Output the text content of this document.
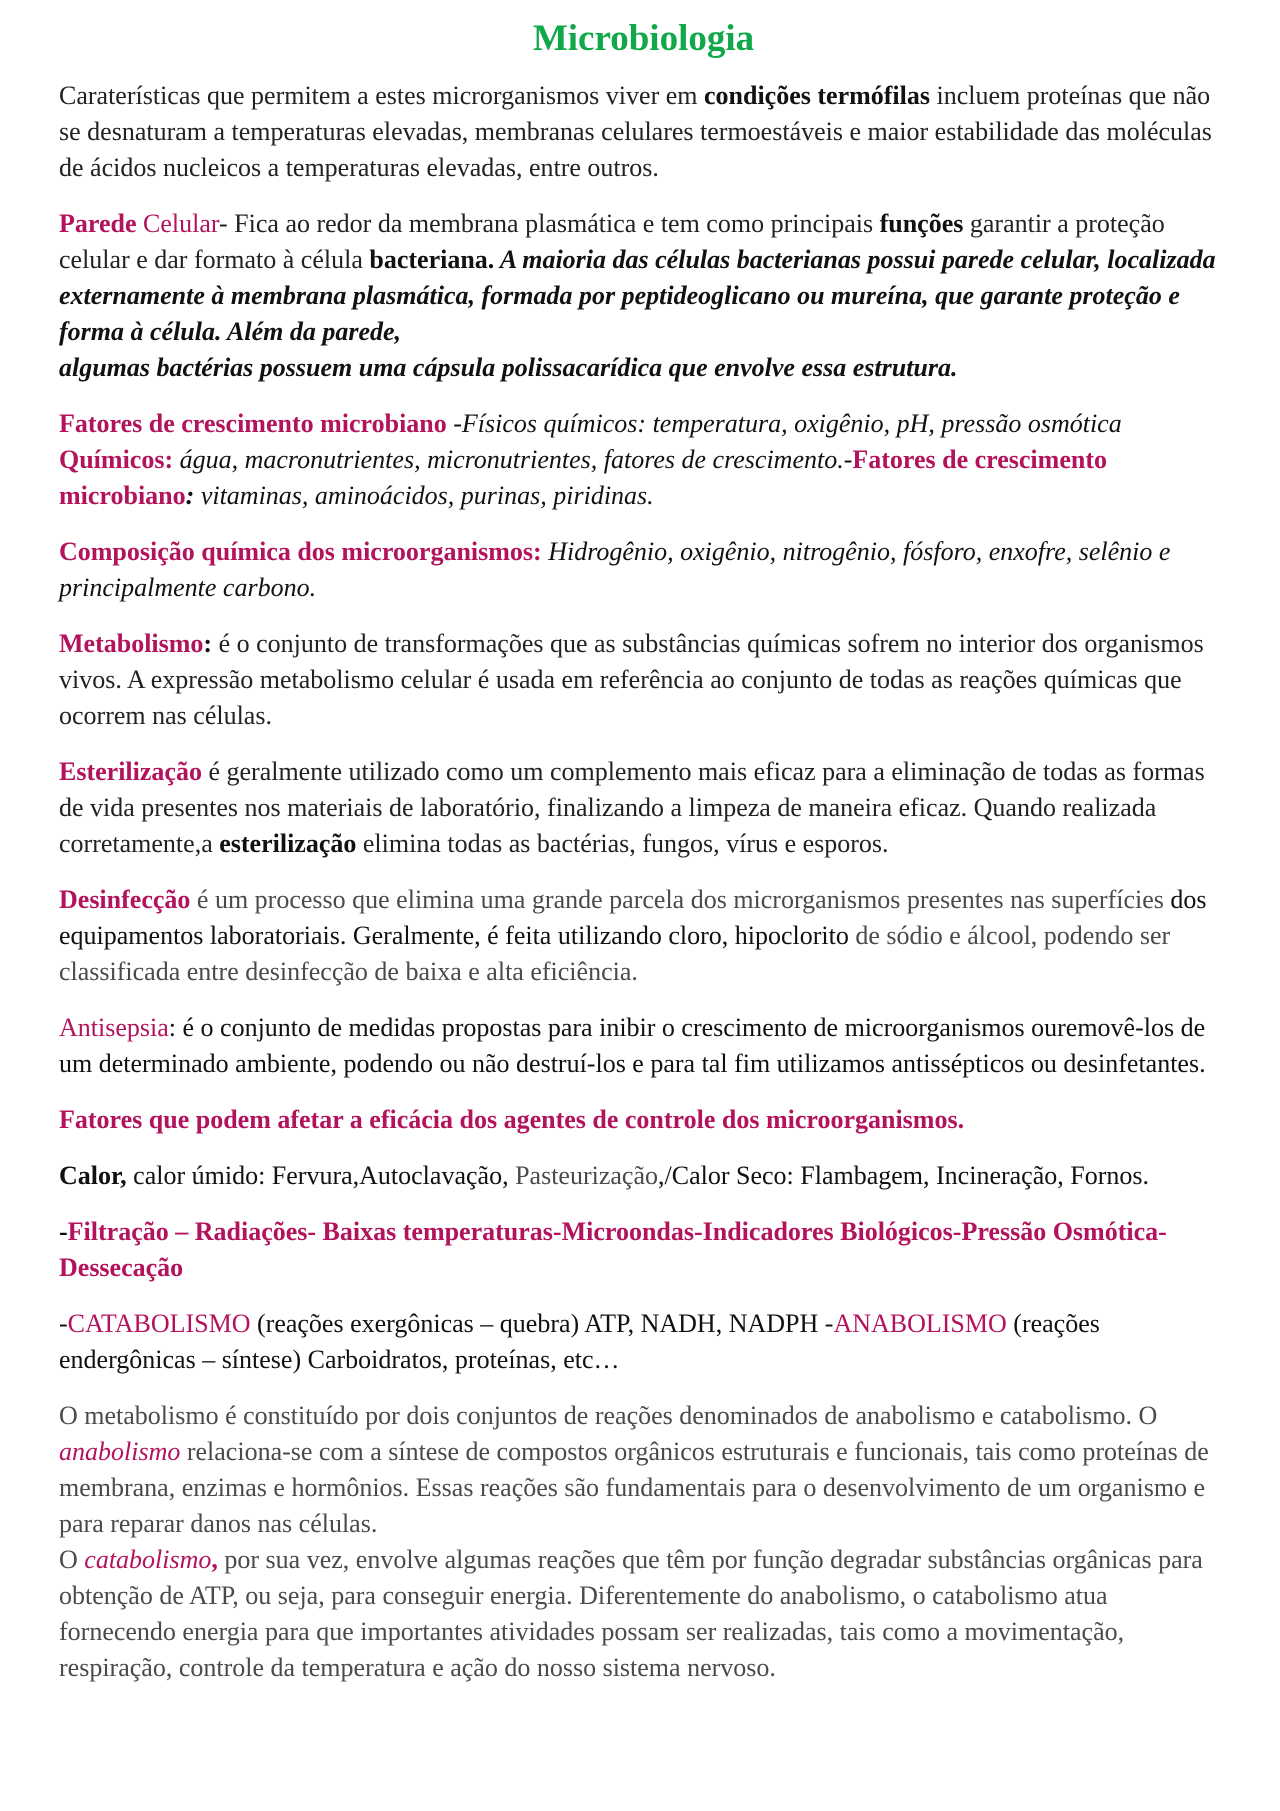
Microbiologia

Caraterísticas que permitem a estes microrganismos viver em condições termófilas incluem proteínas que não se desnaturam a temperaturas elevadas, membranas celulares termoestáveis e maior estabilidade das moléculas de ácidos nucleicos a temperaturas elevadas, entre outros.

Parede Celular- Fica ao redor da membrana plasmática e tem como principais funções garantir a proteção celular e dar formato à célula bacteriana. A maioria das células bacterianas possui parede celular, localizada externamente à membrana plasmática, formada por peptideoglicano ou mureína, que garante proteção e forma à célula. Além da parede,
algumas bactérias possuem uma cápsula polissacarídica que envolve essa estrutura.

Fatores de crescimento microbiano -Físicos químicos: temperatura, oxigênio, pH, pressão osmótica Químicos: água, macronutrientes, micronutrientes, fatores de crescimento.-Fatores de crescimento microbiano: vitaminas, aminoácidos, purinas, piridinas.

Composição química dos microorganismos: Hidrogênio, oxigênio, nitrogênio, fósforo, enxofre, selênio e principalmente carbono.

Metabolismo: é o conjunto de transformações que as substâncias químicas sofrem no interior dos organismos vivos. A expressão metabolismo celular é usada em referência ao conjunto de todas as reações químicas que ocorrem nas células.

Esterilização é geralmente utilizado como um complemento mais eficaz para a eliminação de todas as formas de vida presentes nos materiais de laboratório, finalizando a limpeza de maneira eficaz. Quando realizada corretamente,a esterilização elimina todas as bactérias, fungos, vírus e esporos.

Desinfecção é um processo que elimina uma grande parcela dos microrganismos presentes nas superfícies dos equipamentos laboratoriais. Geralmente, é feita utilizando cloro, hipoclorito de sódio e álcool, podendo ser classificada entre desinfecção de baixa e alta eficiência.

Antisepsia: é o conjunto de medidas propostas para inibir o crescimento de microorganismos ouremovê-los de um determinado ambiente, podendo ou não destruí-los e para tal fim utilizamos antissépticos ou desinfetantes.

Fatores que podem afetar a eficácia dos agentes de controle dos microorganismos.

Calor, calor úmido: Fervura,Autoclavação, Pasteurização,/Calor Seco: Flambagem, Incineração, Fornos.

-Filtração – Radiações- Baixas temperaturas-Microondas-Indicadores Biológicos-Pressão Osmótica-Dessecação

-CATABOLISMO (reações exergônicas – quebra) ATP, NADH, NADPH -ANABOLISMO (reações endergônicas – síntese) Carboidratos, proteínas, etc…

O metabolismo é constituído por dois conjuntos de reações denominados de anabolismo e catabolismo. O anabolismo relaciona-se com a síntese de compostos orgânicos estruturais e funcionais, tais como proteínas de membrana, enzimas e hormônios. Essas reações são fundamentais para o desenvolvimento de um organismo e para reparar danos nas células.
O catabolismo, por sua vez, envolve algumas reações que têm por função degradar substâncias orgânicas para obtenção de ATP, ou seja, para conseguir energia. Diferentemente do anabolismo, o catabolismo atua fornecendo energia para que importantes atividades possam ser realizadas, tais como a movimentação, respiração, controle da temperatura e ação do nosso sistema nervoso.
